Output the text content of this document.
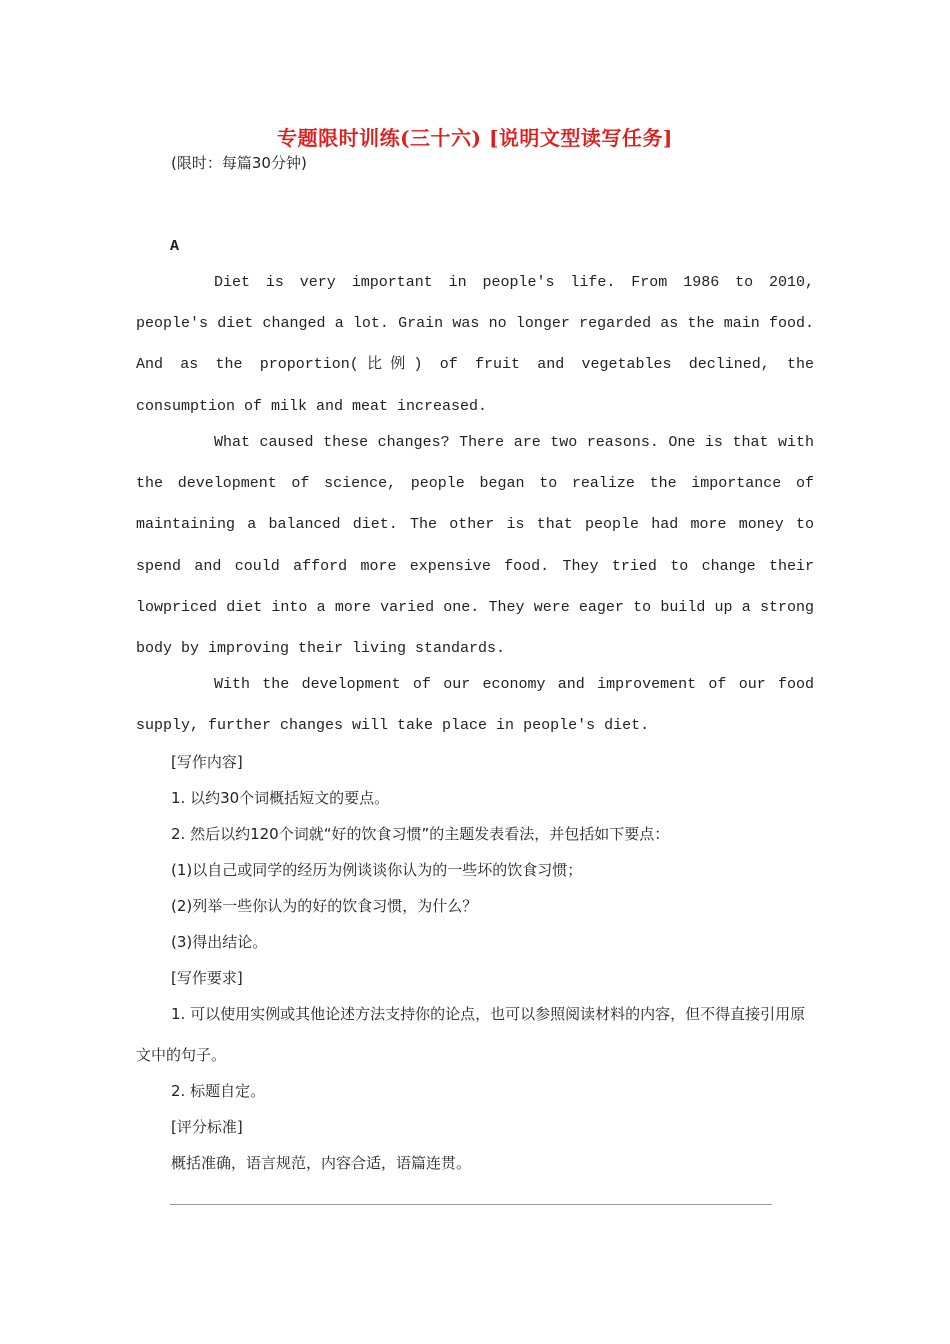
专题限时训练(三十六) [说明文型读写任务]
(限时：每篇30分钟)
A

Diet is very important in people's life. From 1986 to 2010, people's diet changed a lot. Grain was no longer regarded as the main food. And as the proportion(比例) of fruit and vegetables declined, the consumption of milk and meat increased.

What caused these changes? There are two reasons. One is that with the development of science, people began to realize the importance of maintaining a balanced diet. The other is that people had more money to spend and could afford more expensive food. They tried to change their lowpriced diet into a more varied one. They were eager to build up a strong body by improving their living standards.

With the development of our economy and improvement of our food supply, further changes will take place in people's diet.

[写作内容]
1. 以约30个词概括短文的要点。
2. 然后以约120个词就“好的饮食习惯”的主题发表看法，并包括如下要点：
(1)以自己或同学的经历为例谈谈你认为的一些坏的饮食习惯；
(2)列举一些你认为的好的饮食习惯，为什么？
(3)得出结论。
[写作要求]

1. 可以使用实例或其他论述方法支持你的论点，也可以参照阅读材料的内容，但不得直接引用原文中的句子。

2. 标题自定。
[评分标准]
概括准确，语言规范，内容合适，语篇连贯。
